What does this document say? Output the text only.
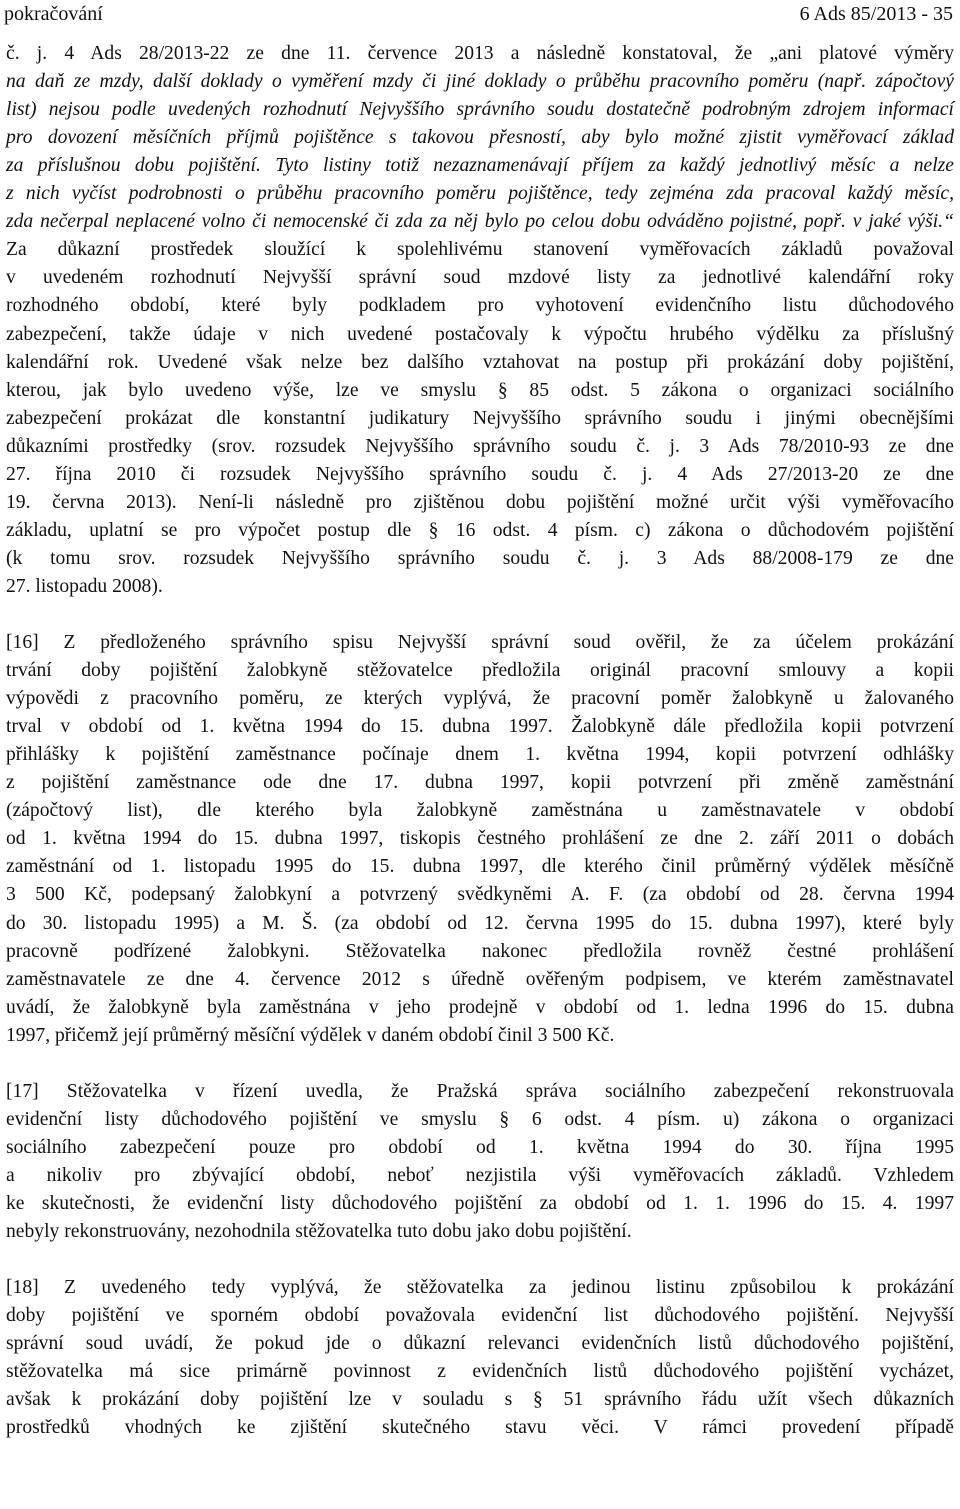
pokračování	6 Ads 85/2013 - 35
č. j. 4 Ads 28/2013-22 ze dne 11. července 2013 a následně konstatoval, že „ani platové výměry
na daň ze mzdy, další doklady o vyměření mzdy či jiné doklady o průběhu pracovního poměru (např. zápočtový
list) nejsou podle uvedených rozhodnutí Nejvyššího správního soudu dostatečně podrobným zdrojem informací
pro dovození měsíčních příjmů pojištěnce s takovou přesností, aby bylo možné zjistit vyměřovací základ
za příslušnou dobu pojištění. Tyto listiny totiž nezaznamenávají příjem za každý jednotlivý měsíc a nelze
z nich vyčíst podrobnosti o průběhu pracovního poměru pojištěnce, tedy zejména zda pracoval každý měsíc,
zda nečerpal neplacené volno či nemocenské či zda za něj bylo po celou dobu odváděno pojistné, popř. v jaké výši.“
Za důkazní prostředek sloužící k spolehlivému stanovení vyměřovacích základů považoval
v uvedeném rozhodnutí Nejvyšší správní soud mzdové listy za jednotlivé kalendářní roky
rozhodného období, které byly podkladem pro vyhotovení evidenčního listu důchodového
zabezpečení, takže údaje v nich uvedené postačovaly k výpočtu hrubého výdělku za příslušný
kalendářní rok. Uvedené však nelze bez dalšího vztahovat na postup při prokázání doby pojištění,
kterou, jak bylo uvedeno výše, lze ve smyslu § 85 odst. 5 zákona o organizaci sociálního
zabezpečení prokázat dle konstantní judikatury Nejvyššího správního soudu i jinými obecnějšími
důkazními prostředky (srov. rozsudek Nejvyššího správního soudu č. j. 3 Ads 78/2010-93 ze dne
27. října 2010 či rozsudek Nejvyššího správního soudu č. j. 4 Ads 27/2013-20 ze dne
19. června 2013). Není-li následně pro zjištěnou dobu pojištění možné určit výši vyměřovacího
základu, uplatní se pro výpočet postup dle § 16 odst. 4 písm. c) zákona o důchodovém pojištění
(k tomu srov. rozsudek Nejvyššího správního soudu č. j. 3 Ads 88/2008-179 ze dne
27. listopadu 2008).
[16] Z předloženého správního spisu Nejvyšší správní soud ověřil, že za účelem prokázání
trvání doby pojištění žalobkyně stěžovatelce předložila originál pracovní smlouvy a kopii
výpovědi z pracovního poměru, ze kterých vyplývá, že pracovní poměr žalobkyně u žalovaného
trval v období od 1. května 1994 do 15. dubna 1997. Žalobkyně dále předložila kopii potvrzení
přihlášky k pojištění zaměstnance počínaje dnem 1. května 1994, kopii potvrzení odhlášky
z pojištění zaměstnance ode dne 17. dubna 1997, kopii potvrzení při změně zaměstnání
(zápočtový list), dle kterého byla žalobkyně zaměstnána u zaměstnavatele v období
od 1. května 1994 do 15. dubna 1997, tiskopis čestného prohlášení ze dne 2. září 2011 o dobách
zaměstnání od 1. listopadu 1995 do 15. dubna 1997, dle kterého činil průměrný výdělek měsíčně
3 500 Kč, podepsaný žalobkyní a potvrzený svědkyněmi A. F. (za období od 28. června 1994
do 30. listopadu 1995) a M. Š. (za období od 12. června 1995 do 15. dubna 1997), které byly
pracovně podřízené žalobkyni. Stěžovatelka nakonec předložila rovněž čestné prohlášení
zaměstnavatele ze dne 4. července 2012 s úředně ověřeným podpisem, ve kterém zaměstnavatel
uvádí, že žalobkyně byla zaměstnána v jeho prodejně v období od 1. ledna 1996 do 15. dubna
1997, přičemž její průměrný měsíční výdělek v daném období činil 3 500 Kč.
[17] Stěžovatelka v řízení uvedla, že Pražská správa sociálního zabezpečení rekonstruovala
evidenční listy důchodového pojištění ve smyslu § 6 odst. 4 písm. u) zákona o organizaci
sociálního zabezpečení pouze pro období od 1. května 1994 do 30. října 1995
a nikoliv pro zbývající období, neboť nezjistila výši vyměřovacích základů. Vzhledem
ke skutečnosti, že evidenční listy důchodového pojištění za období od 1. 1. 1996 do 15. 4. 1997
nebyly rekonstruovány, nezohodnila stěžovatelka tuto dobu jako dobu pojištění.
[18] Z uvedeného tedy vyplývá, že stěžovatelka za jedinou listinu způsobilou k prokázání
doby pojištění ve sporném období považovala evidenční list důchodového pojištění. Nejvyšší
správní soud uvádí, že pokud jde o důkazní relevanci evidenčních listů důchodového pojištění,
stěžovatelka má sice primárně povinnost z evidenčních listů důchodového pojištění vycházet,
avšak k prokázání doby pojištění lze v souladu s § 51 správního řádu užít všech důkazních
prostředků vhodných ke zjištění skutečného stavu věci. V rámci provedení případě
